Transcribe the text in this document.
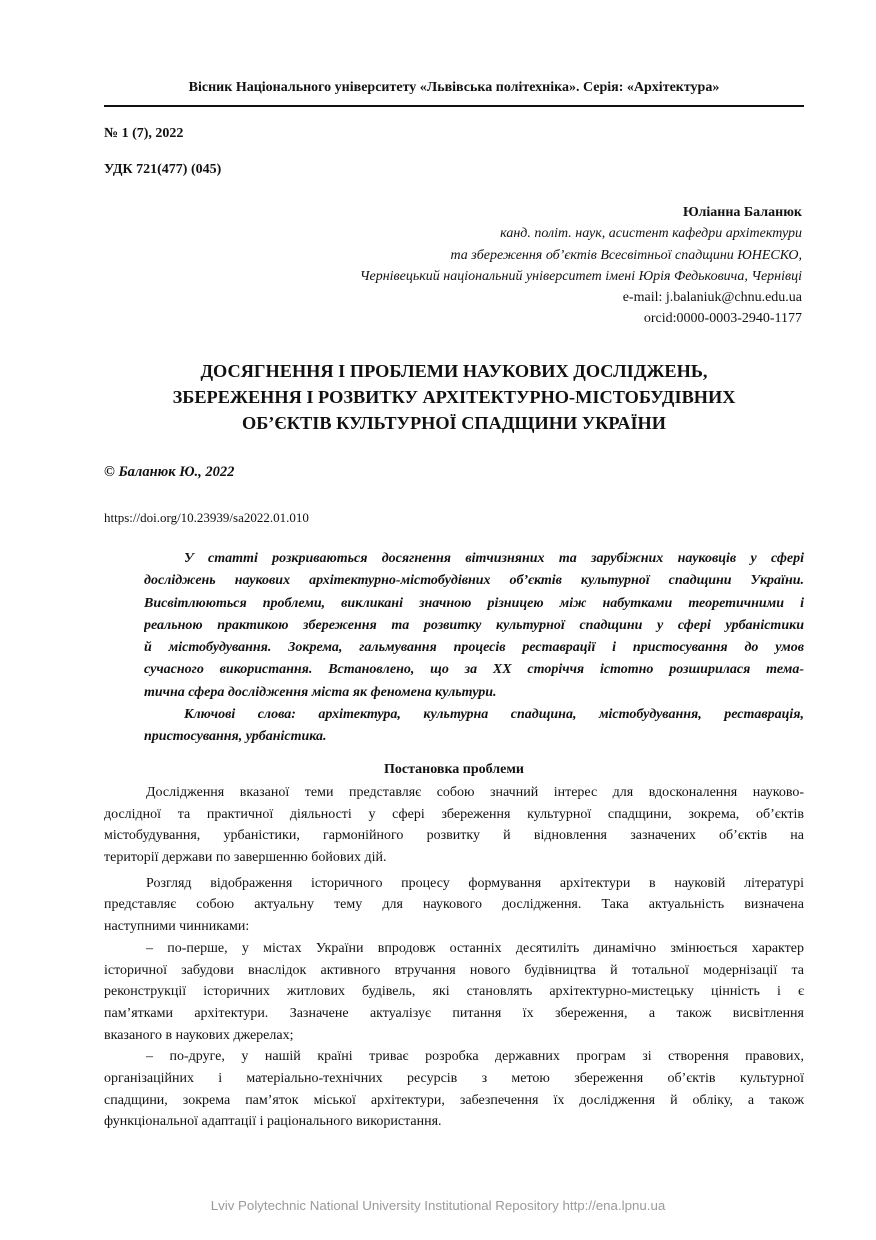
Вісник Національного університету «Львівська політехніка». Серія: «Архітектура»
№ 1 (7), 2022
УДК 721(477) (045)
Юліанна Баланюк
канд. політ. наук, асистент кафедри архітектури
та збереження об’єктів Всесвітньої спадщини ЮНЕСКО,
Чернівецький національний університет імені Юрія Федьковича, Чернівці
e-mail: j.balaniuk@chnu.edu.ua
orcid:0000-0003-2940-1177
ДОСЯГНЕННЯ І ПРОБЛЕМИ НАУКОВИХ ДОСЛІДЖЕНЬ,
ЗБЕРЕЖЕННЯ І РОЗВИТКУ АРХІТЕКТУРНО-МІСТОБУДІВНИХ
ОБ’ЄКТІВ КУЛЬТУРНОЇ СПАДЩИНИ УКРАЇНИ
© Баланюк Ю., 2022
https://doi.org/10.23939/sa2022.01.010
У статті розкриваються досягнення вітчизняних та зарубіжних науковців у сфері
досліджень наукових архітектурно-містобудівних об’єктів культурної спадщини України.
Висвітлюються проблеми, викликані значною різницею між набутками теоретичними і
реальною практикою збереження та розвитку культурної спадщини у сфері урбаністики
й містобудування. Зокрема, гальмування процесів реставрації і пристосування до умов
сучасного використання. Встановлено, що за ХХ сторіччя істотно розширилася тема-
тична сфера дослідження міста як феномена культури.
Ключові слова: архітектура, культурна спадщина, містобудування, реставрація,
пристосування, урбаністика.
Постановка проблеми
Дослідження вказаної теми представляє собою значний інтерес для вдосконалення науково-
дослідної та практичної діяльності у сфері збереження культурної спадщини, зокрема, об’єктів
містобудування, урбаністики, гармонійного розвитку й відновлення зазначених об’єктів на
території держави по завершенню бойових дій.
Розгляд відображення історичного процесу формування архітектури в науковій літературі
представляє собою актуальну тему для наукового дослідження. Така актуальність визначена
наступними чинниками:
– по-перше, у містах України впродовж останніх десятиліть динамічно змінюється характер
історичної забудови внаслідок активного втручання нового будівництва й тотальної модернізації та
реконструкції історичних житлових будівель, які становлять архітектурно-мистецьку цінність і є
пам’ятками архітектури. Зазначене актуалізує питання їх збереження, а також висвітлення
вказаного в наукових джерелах;
– по-друге, у нашій країні триває розробка державних програм зі створення правових,
організаційних і матеріально-технічних ресурсів з метою збереження об’єктів культурної
спадщини, зокрема пам’яток міської архітектури, забезпечення їх дослідження й обліку, а також
функціональної адаптації і раціонального використання.
Lviv Polytechnic National University Institutional Repository http://ena.lpnu.ua
